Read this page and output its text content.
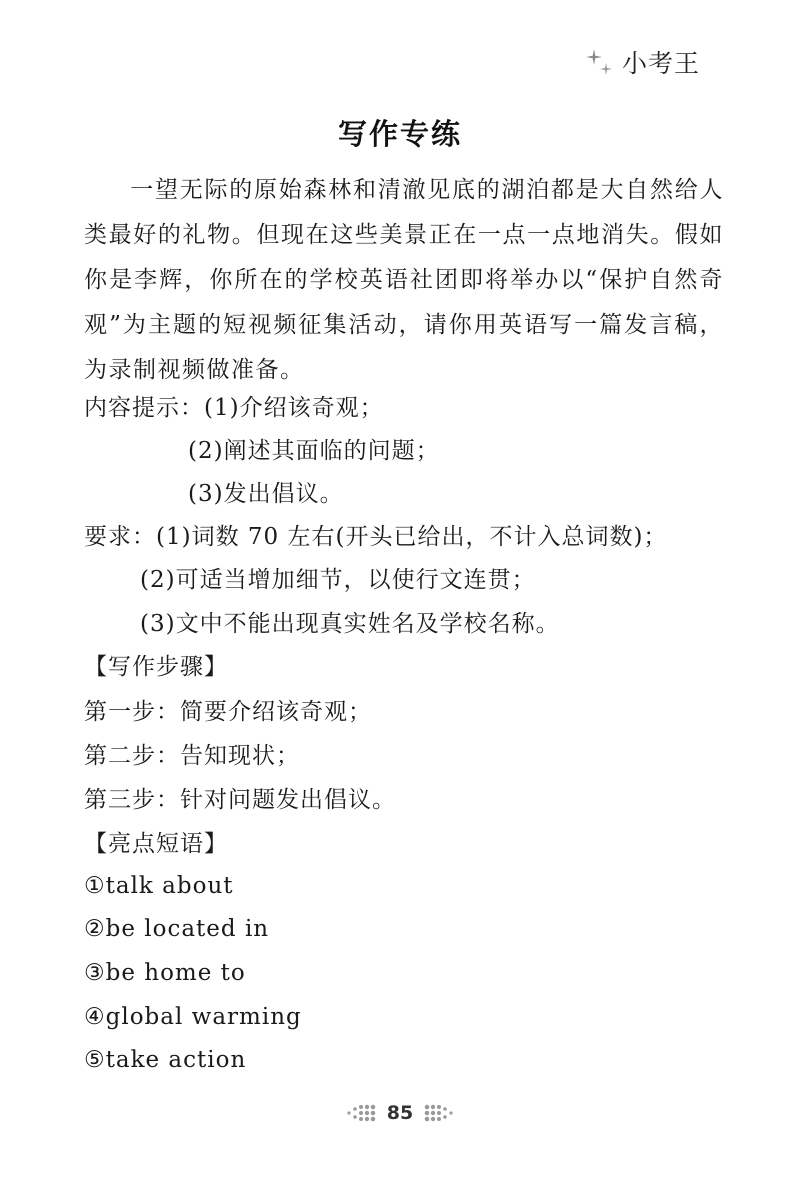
小考王
写作专练

一望无际的原始森林和清澈见底的湖泊都是大自然给人类最好的礼物。但现在这些美景正在一点一点地消失。假如你是李辉，你所在的学校英语社团即将举办以“保护自然奇观”为主题的短视频征集活动，请你用英语写一篇发言稿，为录制视频做准备。

内容提示：(1)介绍该奇观；
(2)阐述其面临的问题；
(3)发出倡议。
要求：(1)词数 70 左右(开头已给出，不计入总词数)；
(2)可适当增加细节，以使行文连贯；
(3)文中不能出现真实姓名及学校名称。
【写作步骤】
第一步：简要介绍该奇观；
第二步：告知现状；
第三步：针对问题发出倡议。
【亮点短语】
①talk about
②be located in
③be home to
④global warming
⑤take action
85
